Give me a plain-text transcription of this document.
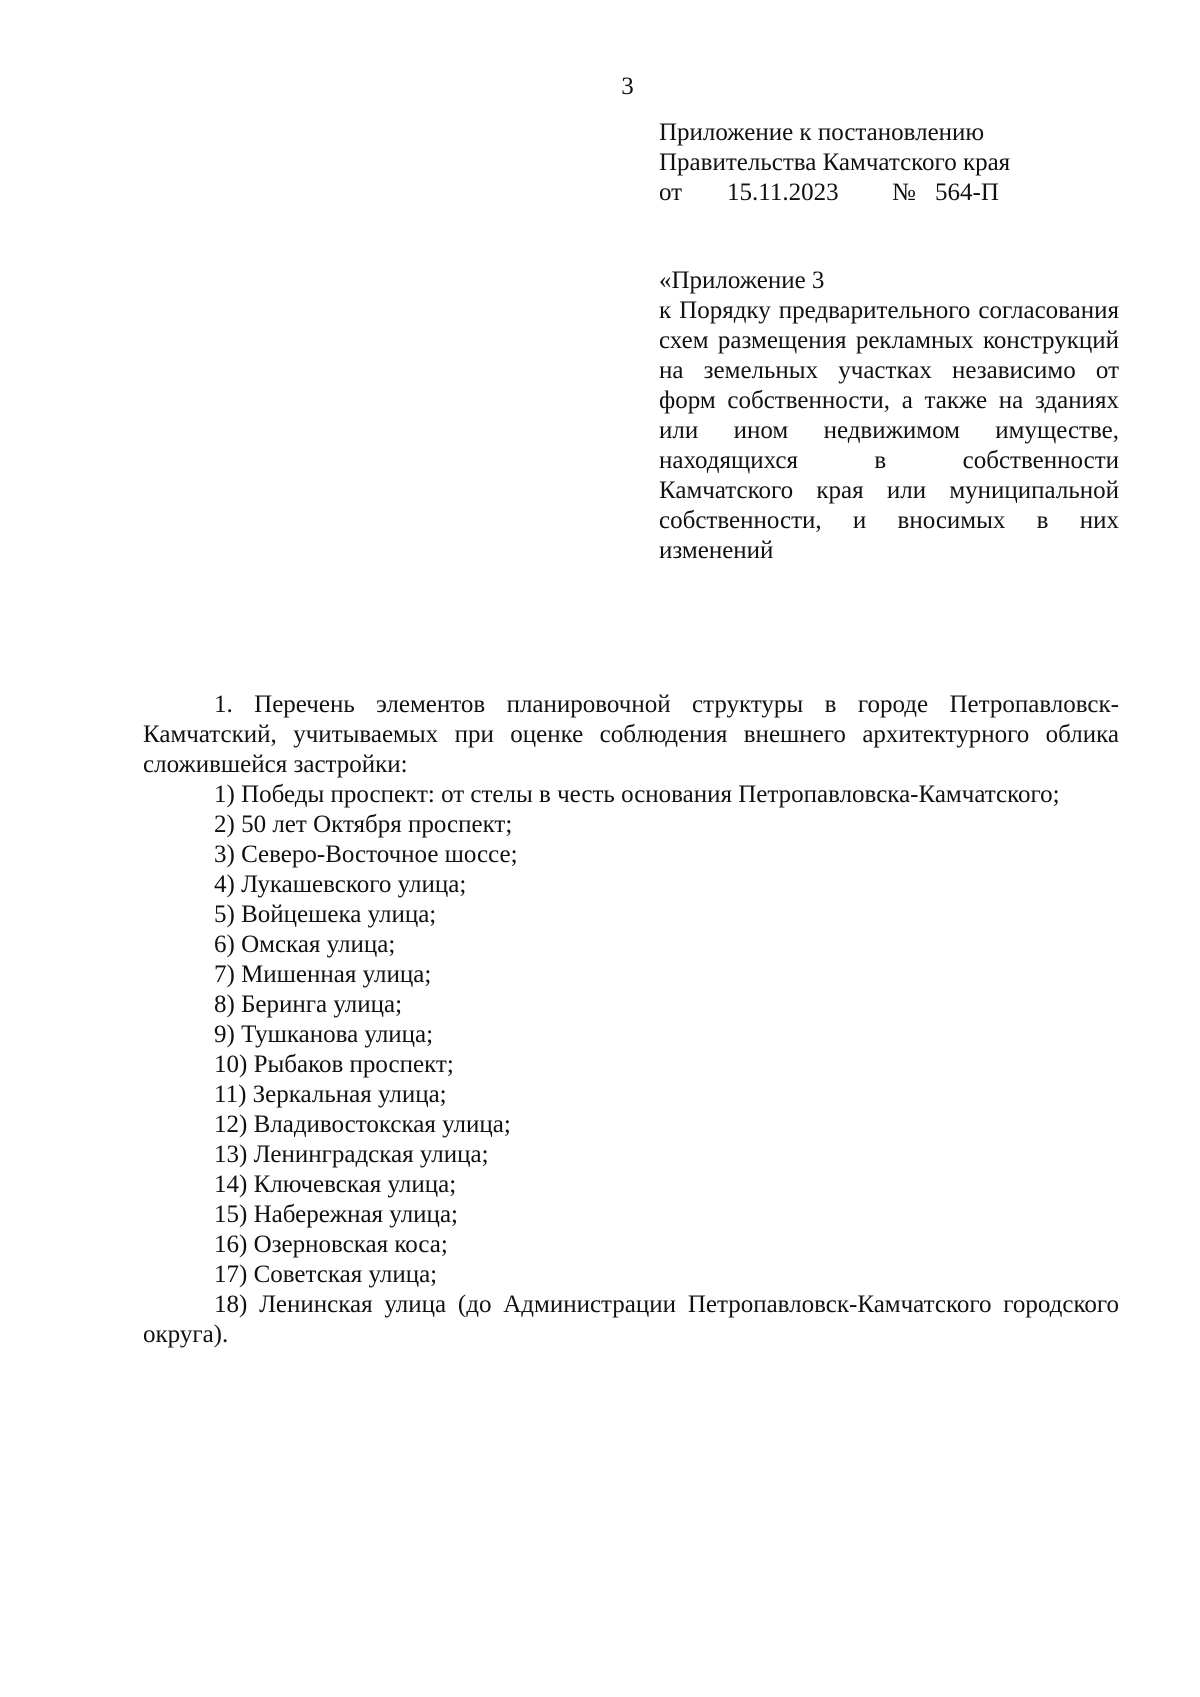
3
Приложение к постановлению
Правительства Камчатского края
от 15.11.2023 № 564-П
«Приложение 3
к Порядку предварительного согласования схем размещения рекламных конструкций на земельных участках независимо от форм собственности, а также на зданиях или ином недвижимом имуществе, находящихся в собственности Камчатского края или муниципальной собственности, и вносимых в них изменений

1. Перечень элементов планировочной структуры в городе Петропавловск-Камчатский, учитываемых при оценке соблюдения внешнего архитектурного облика сложившейся застройки:

1) Победы проспект: от стелы в честь основания Петропавловска-Камчатского;

2) 50 лет Октября проспект;

3) Северо-Восточное шоссе;

4) Лукашевского улица;

5) Войцешека улица;

6) Омская улица;

7) Мишенная улица;

8) Беринга улица;

9) Тушканова улица;

10) Рыбаков проспект;

11) Зеркальная улица;

12) Владивостокская улица;

13) Ленинградская улица;

14) Ключевская улица;

15) Набережная улица;

16) Озерновская коса;

17) Советская улица;

18) Ленинская улица (до Администрации Петропавловск-Камчатского городского округа).
